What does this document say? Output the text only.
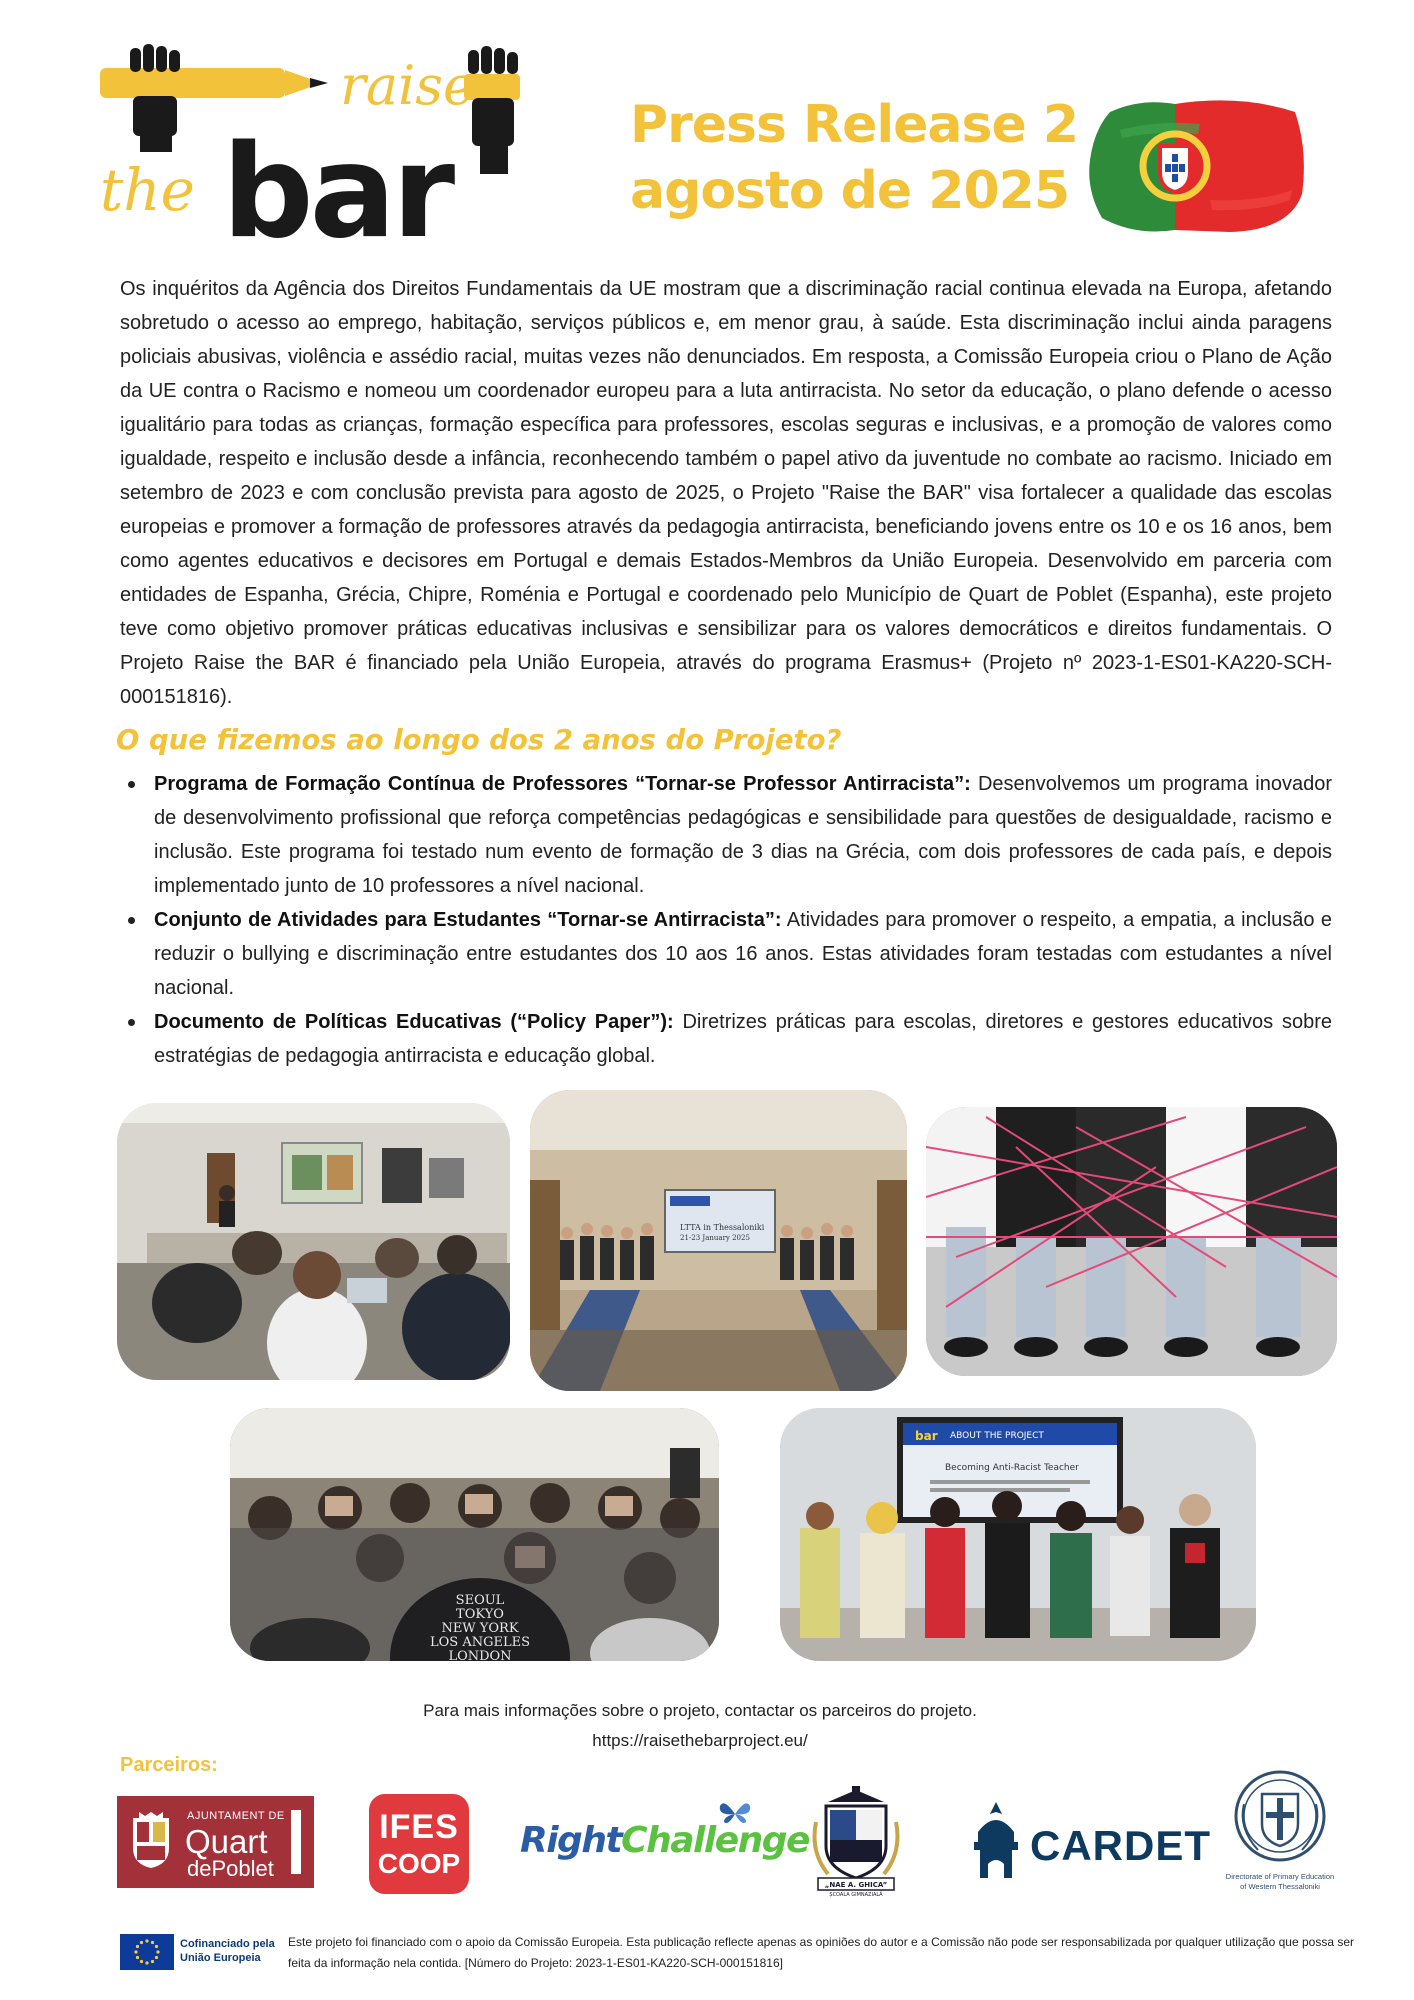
raise
the bar	Press Release 2
agosto de 2025

Os inquéritos da Agência dos Direitos Fundamentais da UE mostram que a discriminação racial continua elevada na Europa, afetando sobretudo o acesso ao emprego, habitação, serviços públicos e, em menor grau, à saúde. Esta discriminação inclui ainda paragens policiais abusivas, violência e assédio racial, muitas vezes não denunciados. Em resposta, a Comissão Europeia criou o Plano de Ação da UE contra o Racismo e nomeou um coordenador europeu para a luta antirracista. No setor da educação, o plano defende o acesso igualitário para todas as crianças, formação específica para professores, escolas seguras e inclusivas, e a promoção de valores como igualdade, respeito e inclusão desde a infância, reconhecendo também o papel ativo da juventude no combate ao racismo. Iniciado em setembro de 2023 e com conclusão prevista para agosto de 2025, o Projeto "Raise the BAR" visa fortalecer a qualidade das escolas europeias e promover a formação de professores através da pedagogia antirracista, beneficiando jovens entre os 10 e os 16 anos, bem como agentes educativos e decisores em Portugal e demais Estados-Membros da União Europeia. Desenvolvido em parceria com entidades de Espanha, Grécia, Chipre, Roménia e Portugal e coordenado pelo Município de Quart de Poblet (Espanha), este projeto teve como objetivo promover práticas educativas inclusivas e sensibilizar para os valores democráticos e direitos fundamentais. O Projeto Raise the BAR é financiado pela União Europeia, através do programa Erasmus+ (Projeto nº 2023-1-ES01-KA220-SCH-000151816).

O que fizemos ao longo dos 2 anos do Projeto?
Programa de Formação Contínua de Professores “Tornar-se Professor Antirracista”: Desenvolvemos um programa inovador de desenvolvimento profissional que reforça competências pedagógicas e sensibilidade para questões de desigualdade, racismo e inclusão. Este programa foi testado num evento de formação de 3 dias na Grécia, com dois professores de cada país, e depois implementado junto de 10 professores a nível nacional.
Conjunto de Atividades para Estudantes “Tornar-se Antirracista”: Atividades para promover o respeito, a empatia, a inclusão e reduzir o bullying e discriminação entre estudantes dos 10 aos 16 anos. Estas atividades foram testadas com estudantes a nível nacional.
Documento de Políticas Educativas (“Policy Paper”): Diretrizes práticas para escolas, diretores e gestores educativos sobre estratégias de pedagogia antirracista e educação global.
LTTA in Thessaloniki
21-23 January 2025
SEOUL
TOKYO
NEW YORK
LOS ANGELES
LONDON
ABOUT THE PROJECT
bar
Becoming Anti-Racist Teacher
Para mais informações sobre o projeto, contactar os parceiros do projeto.
https://raisethebarproject.eu/
Parceiros:
AJUNTAMENT DE
Quart
dePoblet
IFES
COOP
RightChallenge
„NAE A. GHICA”
ȘCOALA GIMNAZIALĂ
CARDET
Directorate of Primary Education of Western Thessaloniki
Cofinanciado pela
União Europeia
Este projeto foi financiado com o apoio da Comissão Europeia. Esta publicação reflecte apenas as opiniões do autor e a Comissão não pode ser responsabilizada por qualquer utilização que possa ser feita da informação nela contida. [Número do Projeto: 2023-1-ES01-KA220-SCH-000151816]
